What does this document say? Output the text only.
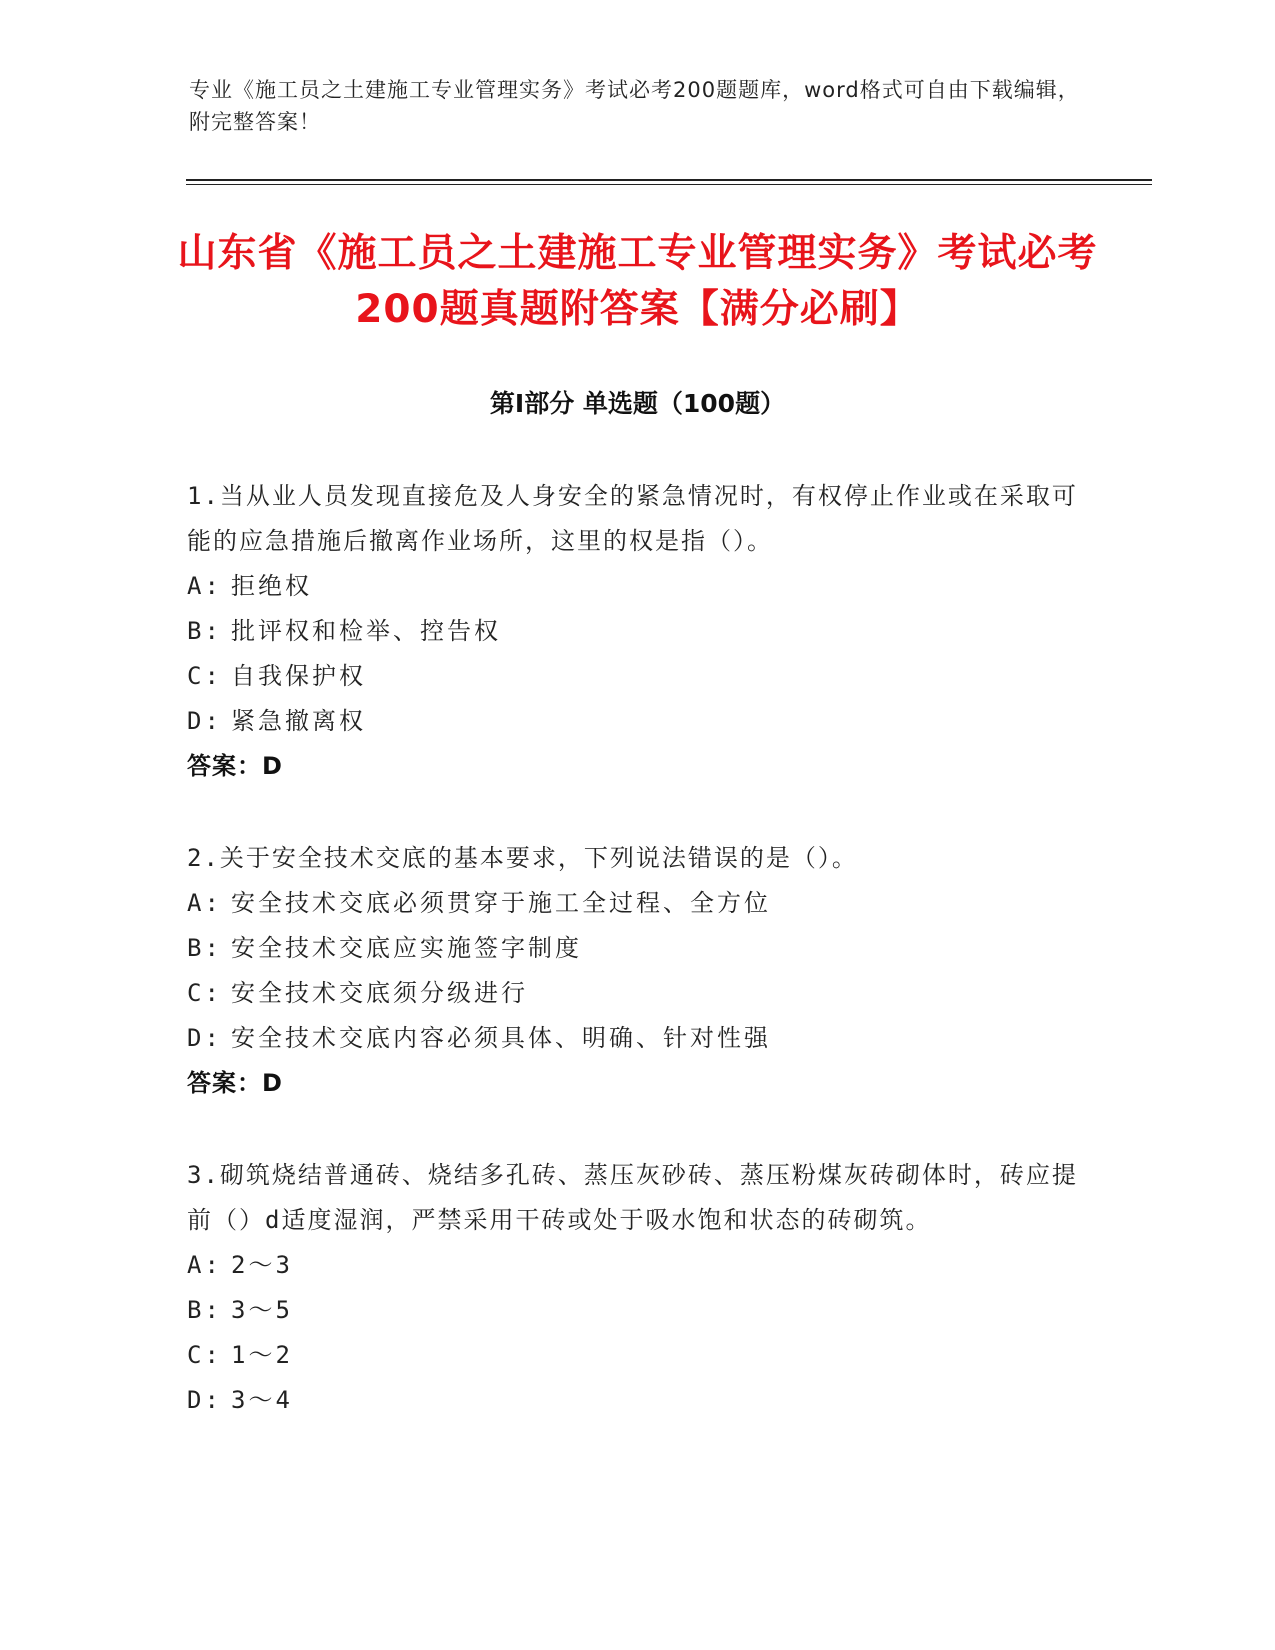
专业《施工员之土建施工专业管理实务》考试必考200题题库，word格式可自由下载编辑，附完整答案！
山东省《施工员之土建施工专业管理实务》考试必考200题真题附答案【满分必刷】
第I部分 单选题（100题）
1.当从业人员发现直接危及人身安全的紧急情况时，有权停止作业或在采取可能的应急措施后撤离作业场所，这里的权是指（）。
A: 拒绝权
B: 批评权和检举、控告权
C: 自我保护权
D: 紧急撤离权
答案：D
2.关于安全技术交底的基本要求，下列说法错误的是（）。
A: 安全技术交底必须贯穿于施工全过程、全方位
B: 安全技术交底应实施签字制度
C: 安全技术交底须分级进行
D: 安全技术交底内容必须具体、明确、针对性强
答案：D
3.砌筑烧结普通砖、烧结多孔砖、蒸压灰砂砖、蒸压粉煤灰砖砌体时，砖应提前（）d适度湿润，严禁采用干砖或处于吸水饱和状态的砖砌筑。
A: 2～3
B: 3～5
C: 1～2
D: 3～4
